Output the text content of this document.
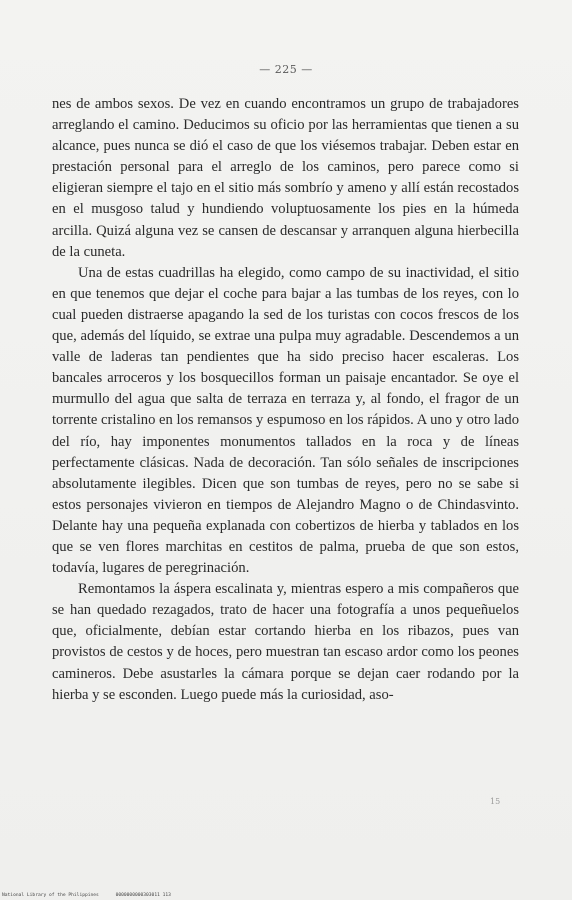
— 225 —

nes de ambos sexos. De vez en cuando encontramos un grupo de trabajadores arreglando el camino. Deducimos su oficio por las herramientas que tienen a su alcance, pues nunca se dió el caso de que los viésemos trabajar. Deben estar en prestación personal para el arreglo de los caminos, pero parece como si eligieran siempre el tajo en el sitio más sombrío y ameno y allí están recostados en el musgoso talud y hundiendo voluptuosamente los pies en la húmeda arcilla. Quizá alguna vez se cansen de descansar y arranquen alguna hierbecilla de la cuneta.

Una de estas cuadrillas ha elegido, como campo de su inactividad, el sitio en que tenemos que dejar el coche para bajar a las tumbas de los reyes, con lo cual pueden distraerse apagando la sed de los turistas con cocos frescos de los que, además del líquido, se extrae una pulpa muy agradable. Descendemos a un valle de laderas tan pendientes que ha sido preciso hacer escaleras. Los bancales arroceros y los bosquecillos forman un paisaje encantador. Se oye el murmullo del agua que salta de terraza en terraza y, al fondo, el fragor de un torrente cristalino en los remansos y espumoso en los rápidos. A uno y otro lado del río, hay imponentes monumentos tallados en la roca y de líneas perfectamente clásicas. Nada de decoración. Tan sólo señales de inscripciones absolutamente ilegibles. Dicen que son tumbas de reyes, pero no se sabe si estos personajes vivieron en tiempos de Alejandro Magno o de Chindasvinto. Delante hay una pequeña explanada con cobertizos de hierba y tablados en los que se ven flores marchitas en cestitos de palma, prueba de que son estos, todavía, lugares de peregrinación.

Remontamos la áspera escalinata y, mientras espero a mis compañeros que se han quedado rezagados, trato de hacer una fotografía a unos pequeñuelos que, oficialmente, debían estar cortando hierba en los ribazos, pues van provistos de cestos y de hoces, pero muestran tan escaso ardor como los peones camineros. Debe asustarles la cámara porque se dejan caer rodando por la hierba y se esconden. Luego puede más la curiosidad, aso-

15
National Library of the Philippines	0000000000303011 113
